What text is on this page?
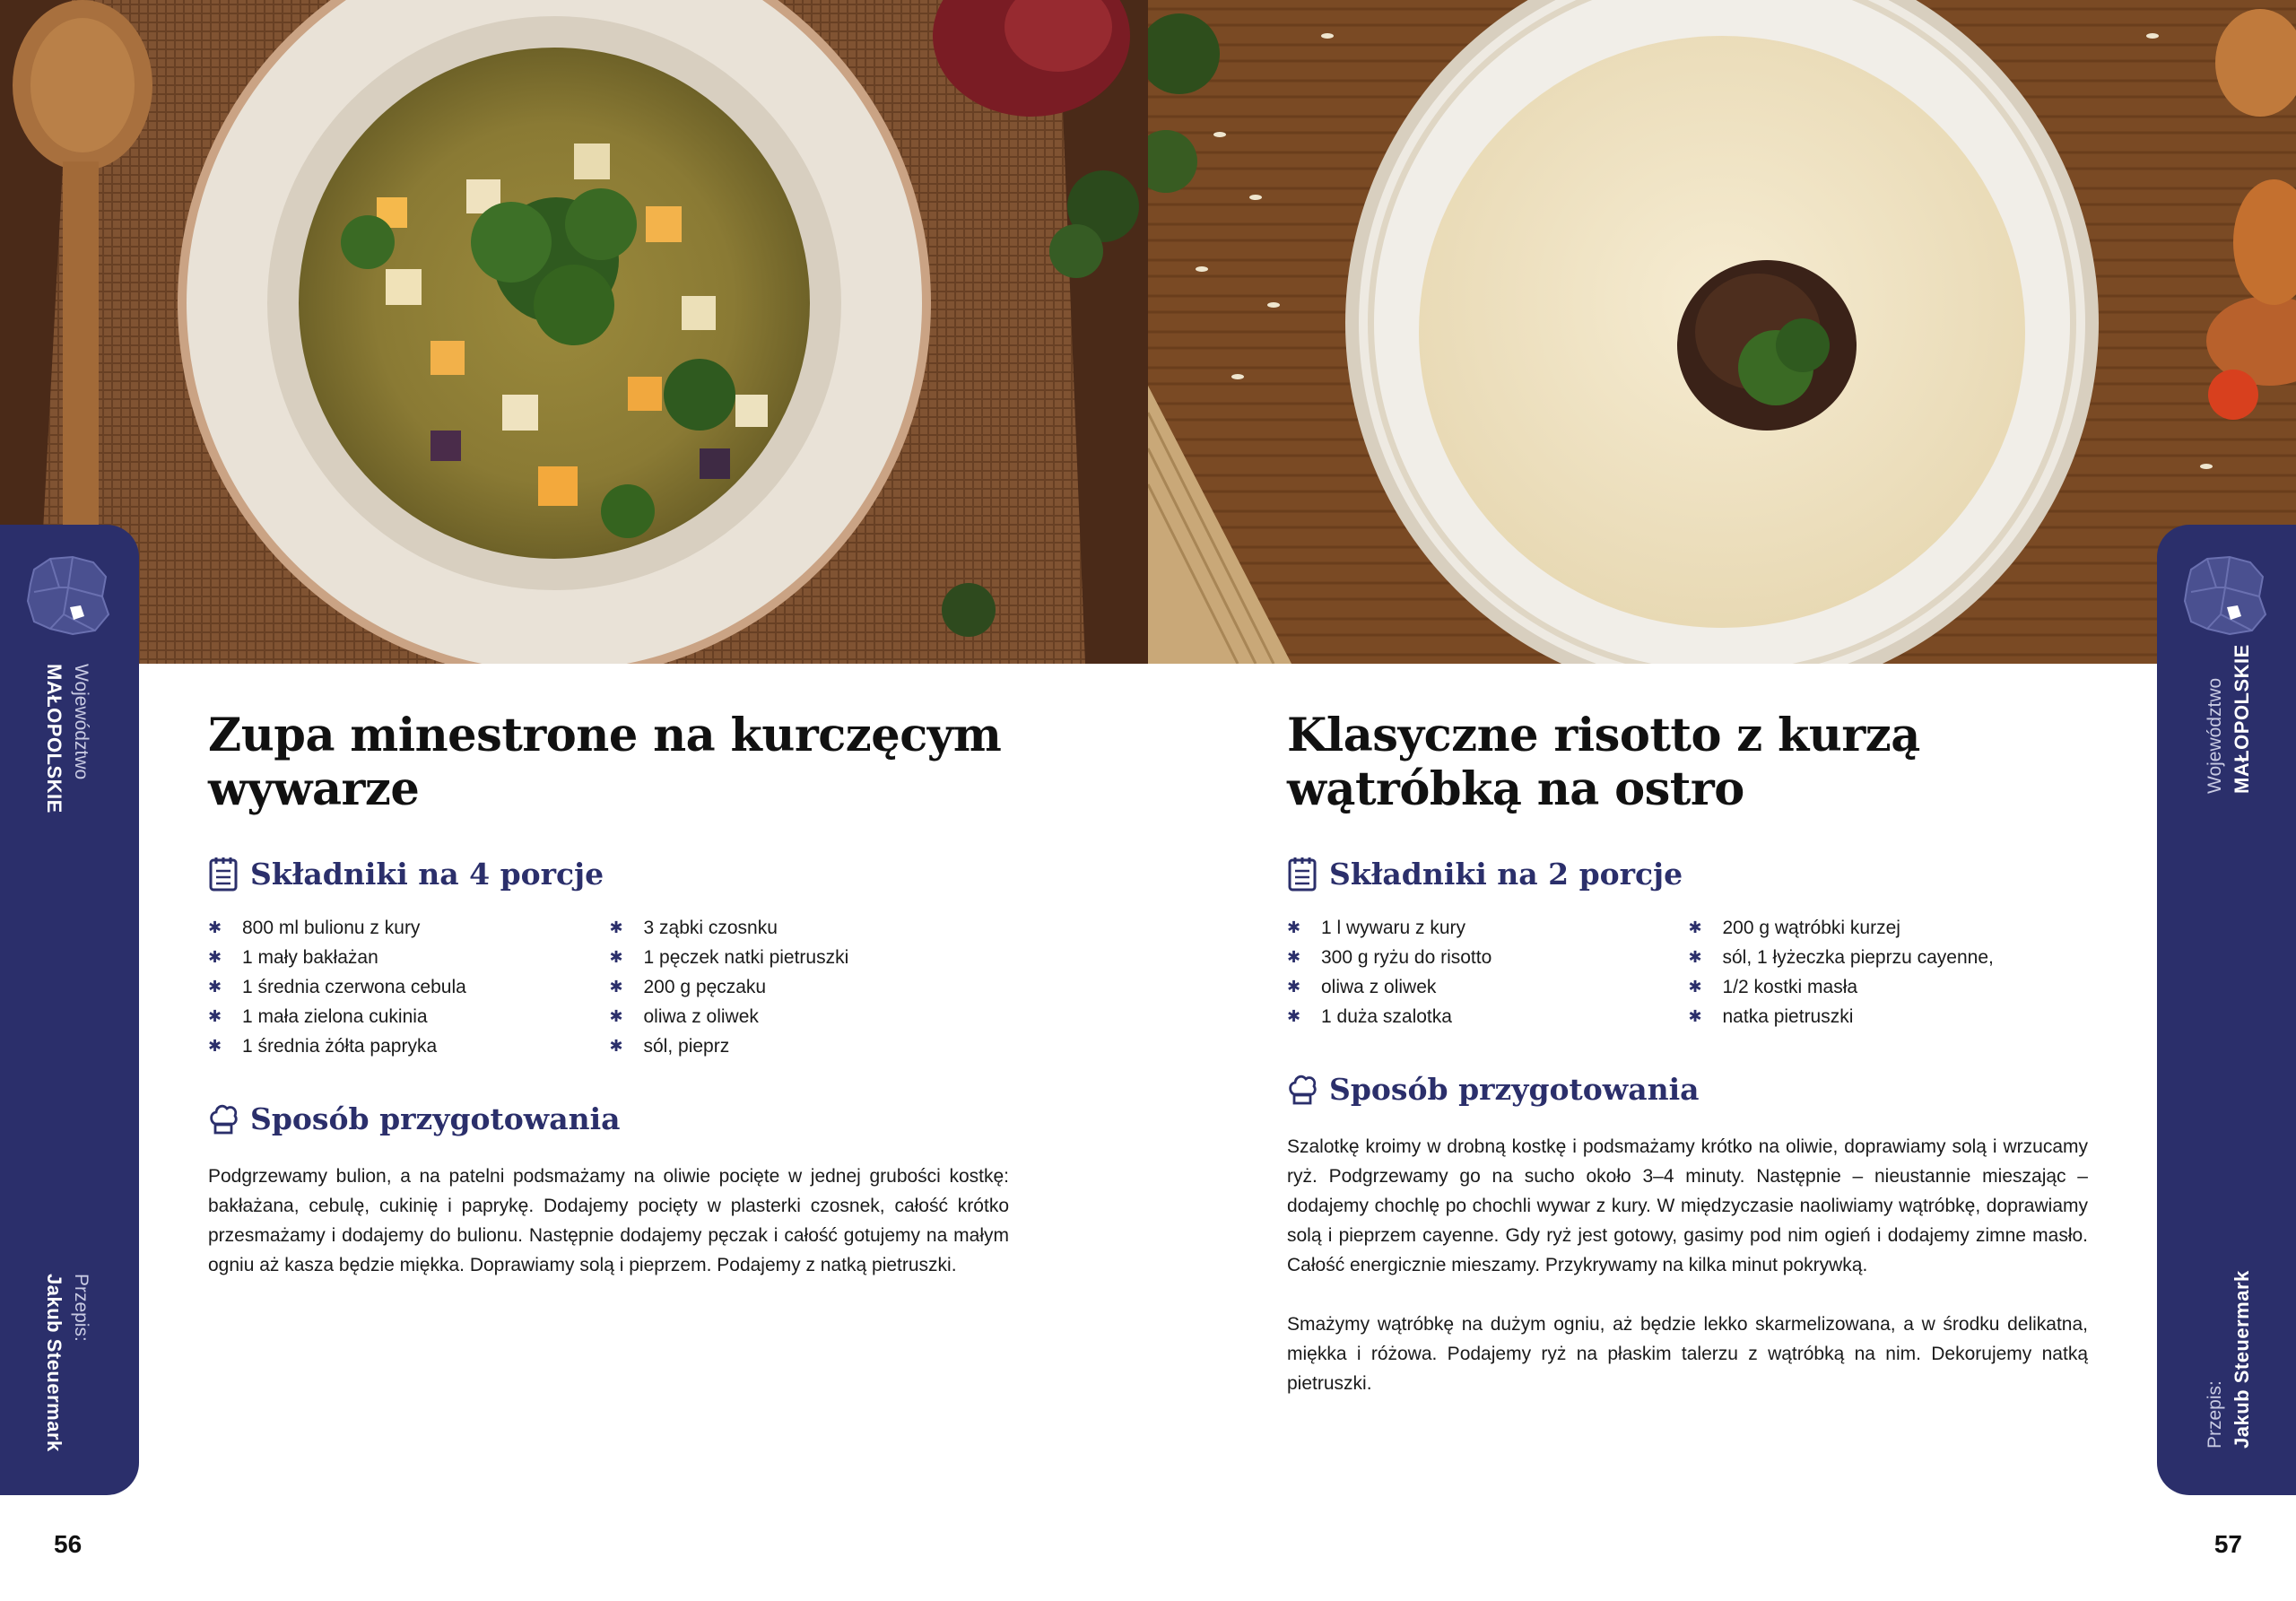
Województwo
MAŁOPOLSKIE
Przepis:
Jakub Steuermark
Zupa minestrone na kurczęcym wywarze
Składniki na 4 porcje
✱	800 ml bulionu z kury
✱	1 mały bakłażan
✱	1 średnia czerwona cebula
✱	1 mała zielona cukinia
✱	1 średnia żółta papryka
✱	3 ząbki czosnku
✱	1 pęczek natki pietruszki
✱	200 g pęczaku
✱	oliwa z oliwek
✱	sól, pieprz
Sposób przygotowania

Podgrzewamy bulion, a na patelni podsmażamy na oliwie pocięte w jednej grubości kostkę: bakłażana, cebulę, cukinię i paprykę. Dodajemy pocięty w plasterki czosnek, całość krótko przesmażamy i dodajemy do bulionu. Następnie dodajemy pęczak i całość gotujemy na małym ogniu aż kasza będzie miękka. Doprawiamy solą i pieprzem. Podajemy z natką pietruszki.

56
Województwo MAŁOPOLSKIE
Przepis: Jakub Steuermark
Klasyczne risotto z kurzą wątróbką na ostro
Składniki na 2 porcje
✱	1 l wywaru z kury
✱	300 g ryżu do risotto
✱	oliwa z oliwek
✱	1 duża szalotka
✱	200 g wątróbki kurzej
✱	sól, 1 łyżeczka pieprzu cayenne,
✱	1/2 kostki masła
✱	natka pietruszki
Sposób przygotowania

Szalotkę kroimy w drobną kostkę i podsmażamy krótko na oliwie, doprawiamy solą i wrzucamy ryż. Podgrzewamy go na sucho około 3–4 minuty. Następnie – nieustannie mieszając – dodajemy chochlę po chochli wywar z kury. W międzyczasie naoliwiamy wątróbkę, doprawiamy solą i pieprzem cayenne. Gdy ryż jest gotowy, gasimy pod nim ogień i dodajemy zimne masło. Całość energicznie mieszamy. Przykrywamy na kilka minut pokrywką.

Smażymy wątróbkę na dużym ogniu, aż będzie lekko skarmelizowana, a w środku delikatna, miękka i różowa. Podajemy ryż na płaskim talerzu z wątróbką na nim. Dekorujemy natką pietruszki.

57
